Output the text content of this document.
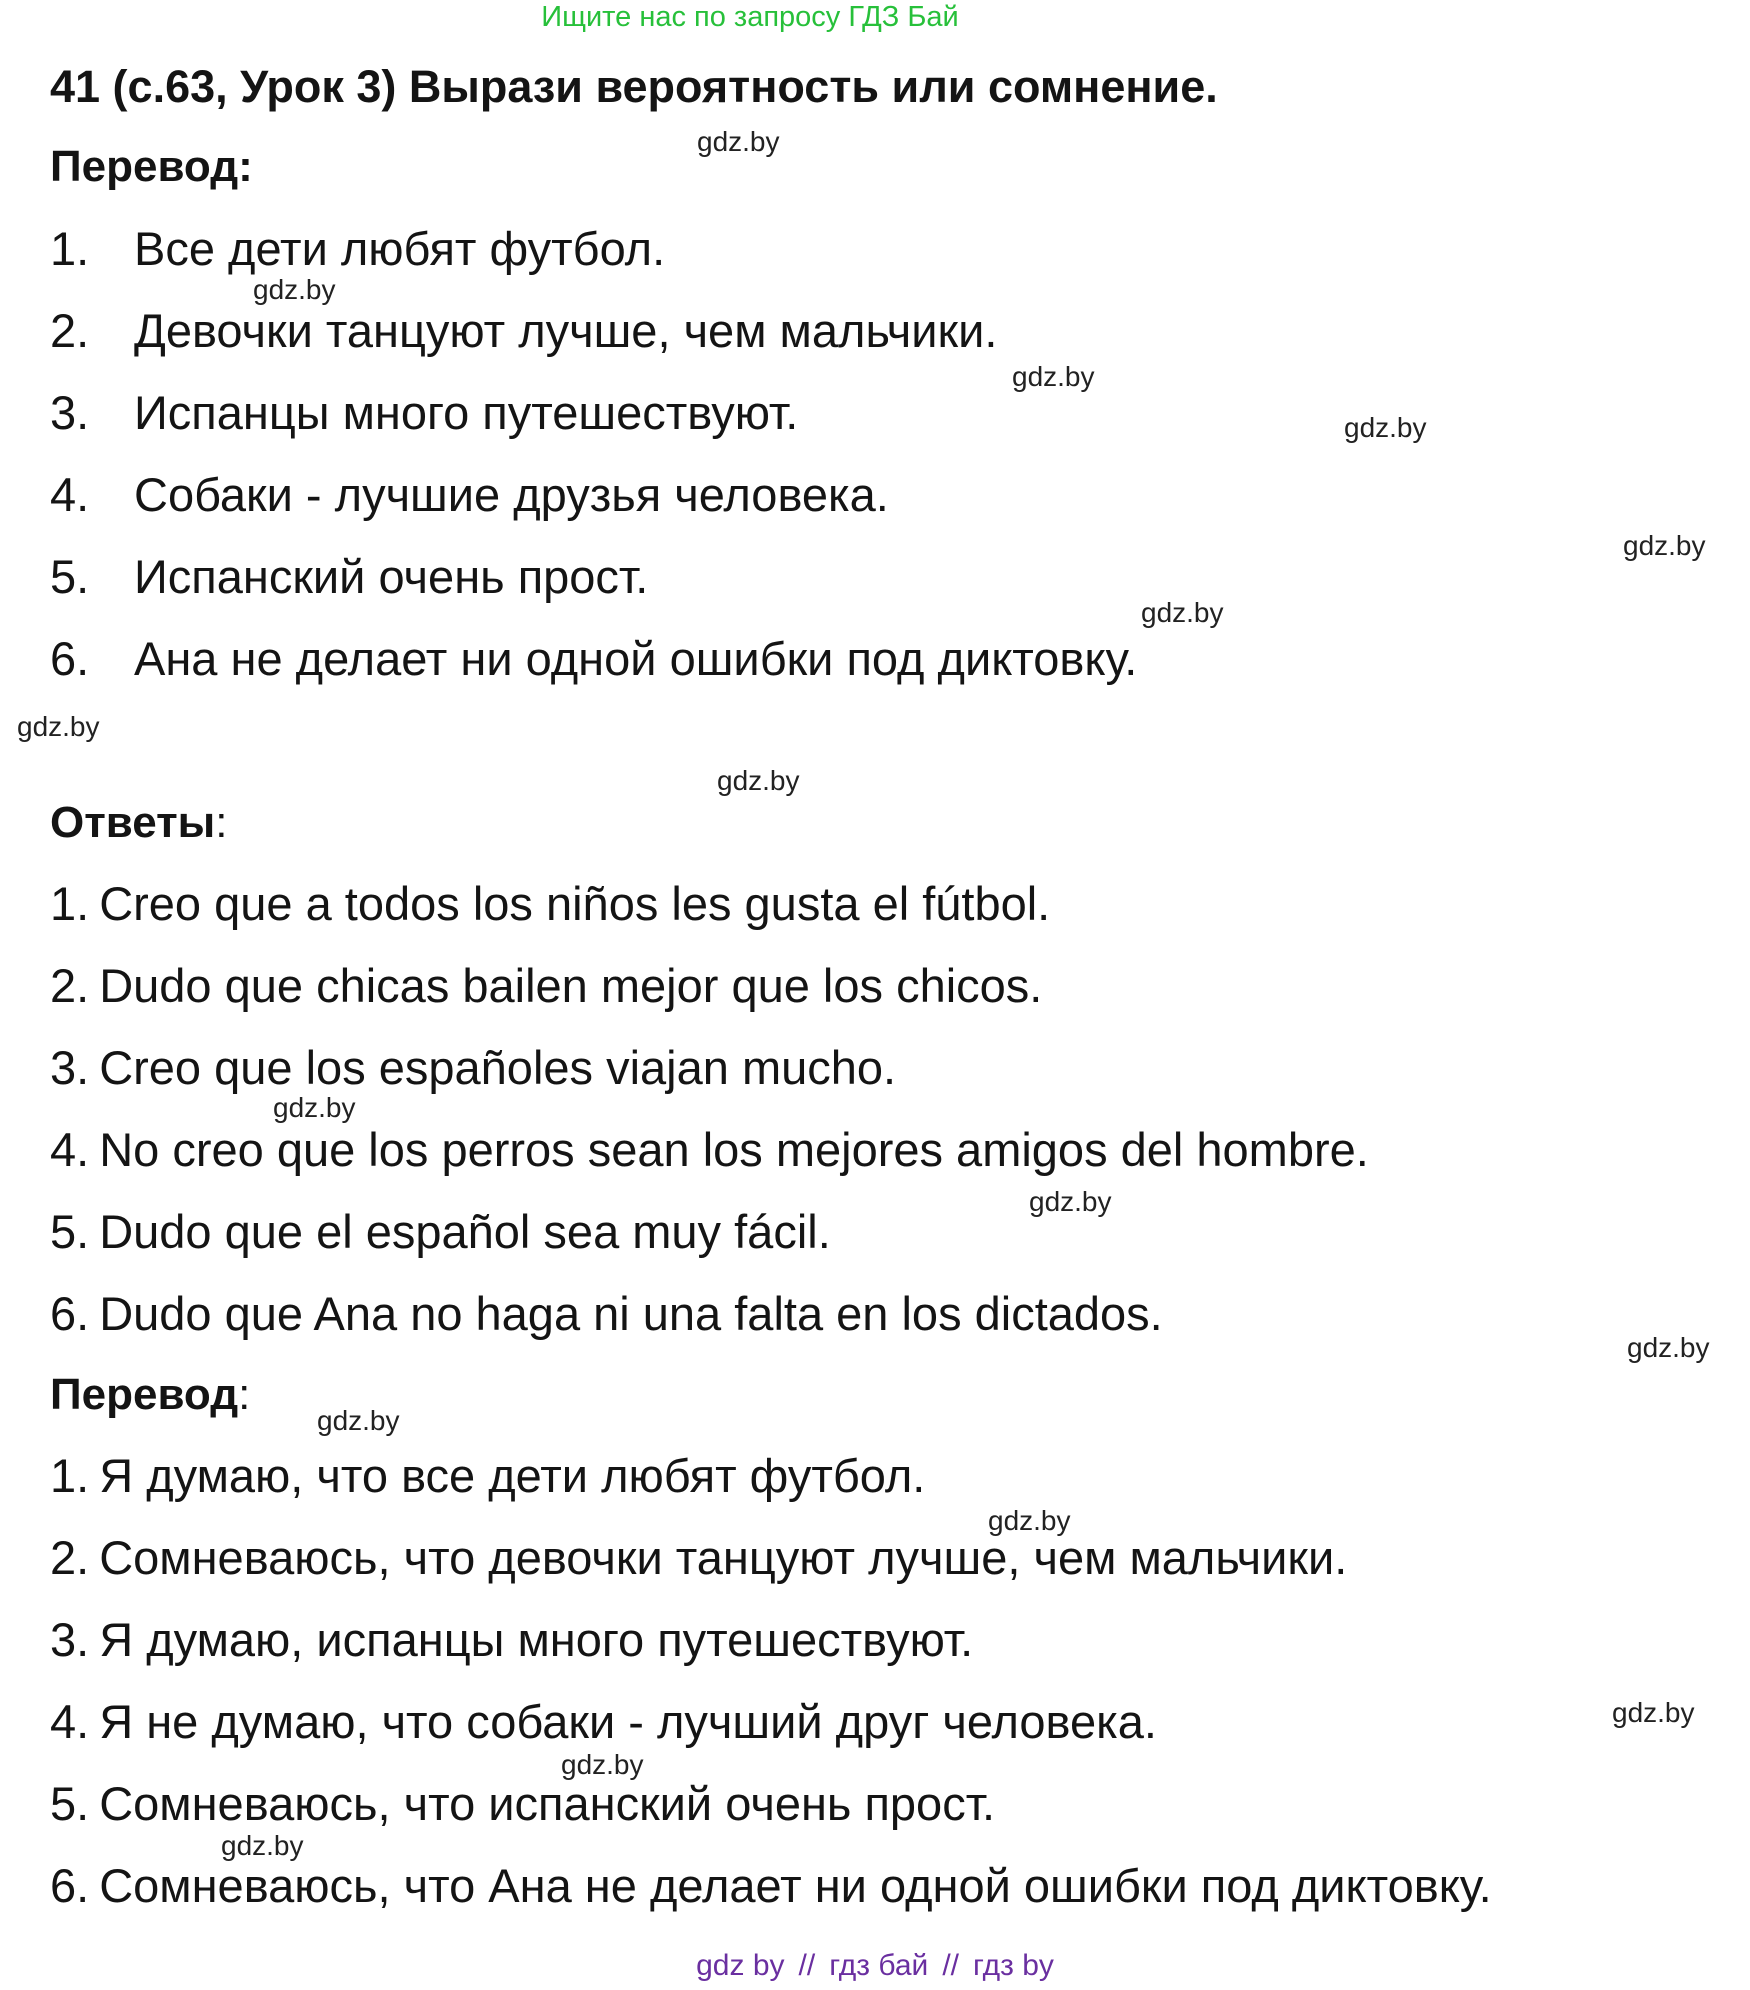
Ищите нас по запросу ГДЗ Бай
41 (с.63, Урок 3) Вырази вероятность или сомнение.
Перевод:
1. Все дети любят футбол.
2. Девочки танцуют лучше, чем мальчики.
3. Испанцы много путешествуют.
4. Собаки - лучшие друзья человека.
5. Испанский очень прост.
6. Ана не делает ни одной ошибки под диктовку.
Ответы:
1. Creo que a todos los niños les gusta el fútbol.
2. Dudo que chicas bailen mejor que los chicos.
3. Creo que los españoles viajan mucho.
4. No creo que los perros sean los mejores amigos del hombre.
5. Dudo que el español sea muy fácil.
6. Dudo que Ana no haga ni una falta en los dictados.
Перевод:
1. Я думаю, что все дети любят футбол.
2. Сомневаюсь, что девочки танцуют лучше, чем мальчики.
3. Я думаю, испанцы много путешествуют.
4. Я не думаю, что собаки - лучший друг человека.
5. Сомневаюсь, что испанский очень прост.
6. Сомневаюсь, что Ана не делает ни одной ошибки под диктовку.
gdz.by
gdz.by
gdz.by
gdz.by
gdz.by
gdz.by
gdz.by
gdz.by
gdz.by
gdz.by
gdz.by
gdz.by
gdz.by
gdz.by
gdz.by
gdz.by
gdz by // гдз бай // гдз by
